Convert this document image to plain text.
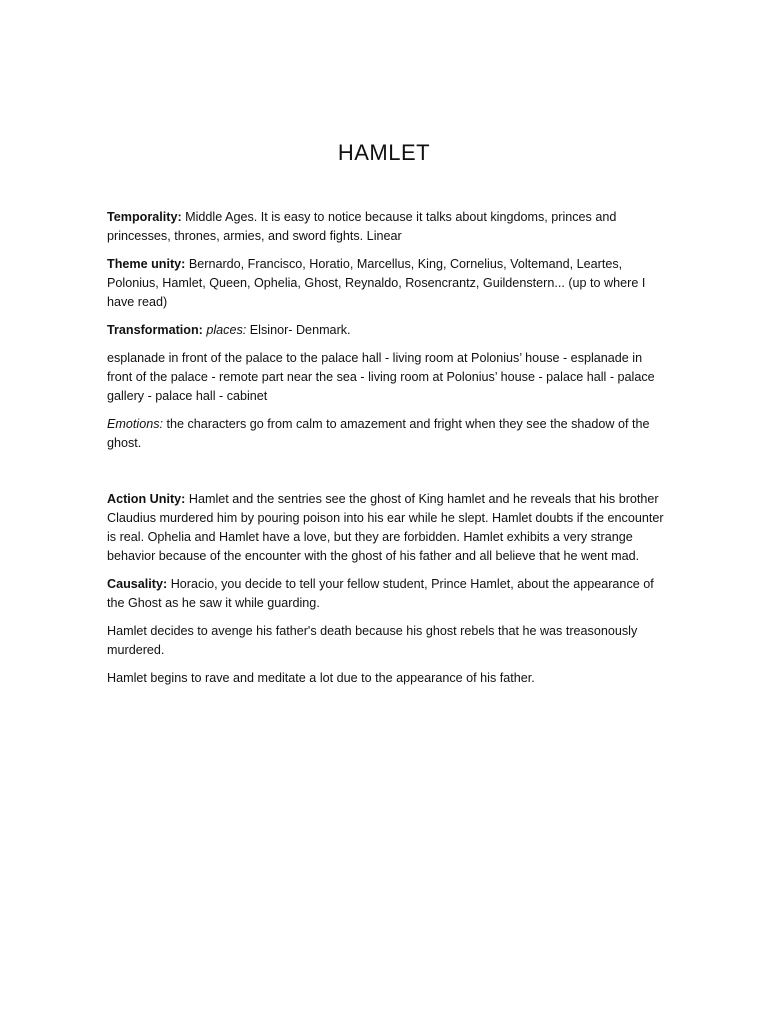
HAMLET

Temporality: Middle Ages. It is easy to notice because it talks about kingdoms, princes and princesses, thrones, armies, and sword fights. Linear

Theme unity: Bernardo, Francisco, Horatio, Marcellus, King, Cornelius, Voltemand, Leartes, Polonius, Hamlet, Queen, Ophelia, Ghost, Reynaldo, Rosencrantz, Guildenstern... (up to where I have read)

Transformation: places: Elsinor- Denmark.

esplanade in front of the palace to the palace hall - living room at Polonius’ house - esplanade in front of the palace - remote part near the sea - living room at Polonius’ house - palace hall - palace gallery - palace hall - cabinet

Emotions: the characters go from calm to amazement and fright when they see the shadow of the ghost.

Action Unity: Hamlet and the sentries see the ghost of King hamlet and he reveals that his brother Claudius murdered him by pouring poison into his ear while he slept. Hamlet doubts if the encounter is real. Ophelia and Hamlet have a love, but they are forbidden. Hamlet exhibits a very strange behavior because of the encounter with the ghost of his father and all believe that he went mad.

Causality: Horacio, you decide to tell your fellow student, Prince Hamlet, about the appearance of the Ghost as he saw it while guarding.

Hamlet decides to avenge his father's death because his ghost rebels that he was treasonously murdered.

Hamlet begins to rave and meditate a lot due to the appearance of his father.
